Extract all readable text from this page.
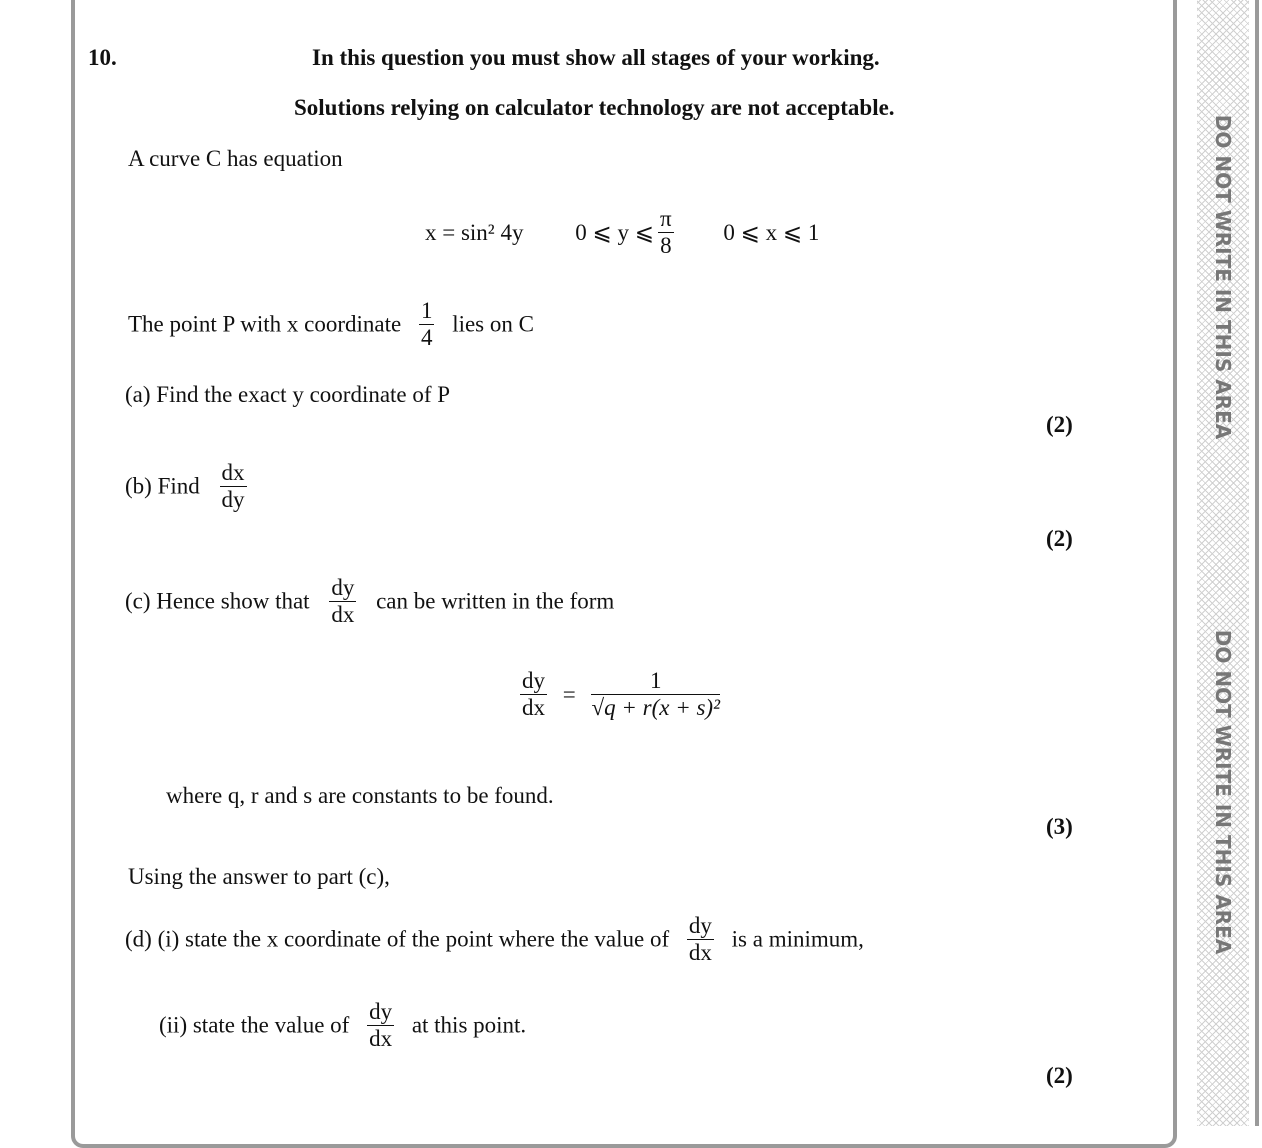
DO NOT WRITE IN THIS AREA
DO NOT WRITE IN THIS AREA
10.	In this question you must show all stages of your working.
Solutions relying on calculator technology are not acceptable.
A curve C has equation
x = sin² 4y 0 ⩽ y ⩽ $\frac{\pi}{8} 0$ ⩽ x ⩽ 1
The point P with x coordinate $\frac{1}{4}$ lies on C
(a) Find the exact y coordinate of P
(2)
(b) Find $\frac{dx}{dy}$
(2)
(c) Hence show that $\frac{dy}{dx}$ can be written in the form
$\frac{dy}{dx} = \frac{1}{\text{√q + r(x + s)²}}$
where q, r and s are constants to be found.
(3)
Using the answer to part (c),
(d) (i) state the x coordinate of the point where the value of $\frac{dy}{dx}$ is a minimum,
(ii) state the value of $\frac{dy}{dx}$ at this point.
(2)
